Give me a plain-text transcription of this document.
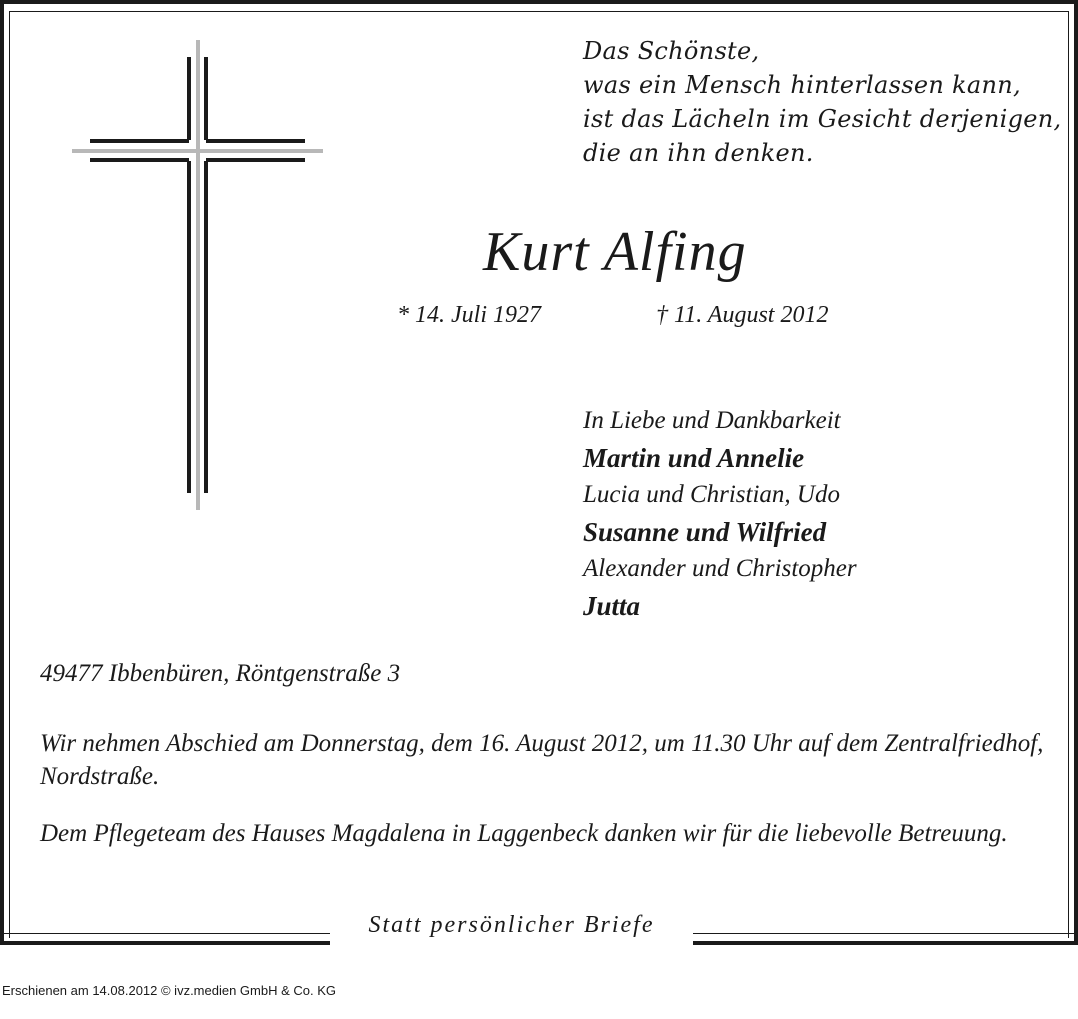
Das Schönste,
was ein Mensch hinterlassen kann,
ist das Lächeln im Gesicht derjenigen,
die an ihn denken.
Kurt Alfing
* 14. Juli 1927	† 11. August 2012
In Liebe und Dankbarkeit
Martin und Annelie
Lucia und Christian, Udo
Susanne und Wilfried
Alexander und Christopher
Jutta
49477 Ibbenbüren, Röntgenstraße 3
Wir nehmen Abschied am Donnerstag, dem 16. August 2012, um 11.30 Uhr auf dem Zentralfriedhof, Nordstraße.
Dem Pflegeteam des Hauses Magdalena in Laggenbeck danken wir für die liebevolle Betreuung.
Statt persönlicher Briefe
Erschienen am 14.08.2012 © ivz.medien GmbH & Co. KG
